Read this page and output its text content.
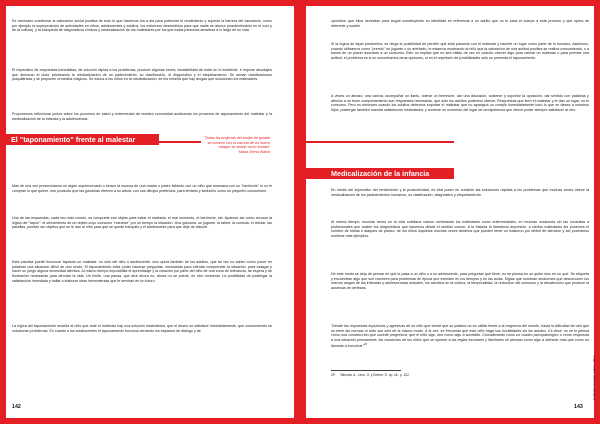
Es necesario cuestionar la valoración social positiva de todo lo que hacemos día a día para potenciar el rendimiento y superar la barrera del cansancio, como por ejemplo la superposición de actividades en niños, adolescentes y adultos, los esfuerzos desmedidos para que nadie se aburra (manteniéndolo en el ocio y de la cultura), y la búsqueda de diagnósticos clínicos y medicalización de los malestares por los que todas personas atraviesa a lo largo de su vida.

El imperativo de respuestas inmediatas, de solución rápida a los problemas, produce algunas veces, inestabilidad de estar en el ambiente, e impone abordajes que demoran el dolor priorizando la medicalización de un padecimiento, su clasificación, el diagnóstico y el etiquetamiento. Se arman clasificaciones psiquiátricas y se proponen remedios mágicos. Se educa a los niños en la medicalización, se les enseña que hay drogas que solucionan los malestares.

Proponemos reflexionar juntos sobre los procesos de salud y enfermedad de nuestra comunidad analizando los procesos de taponamiento del malestar y la medicalización de la infancia y la adolescencia.

El "taponamiento" frente al malestar	"Todas las brujerías del brujito de guiddo se curaron con la vacuna de un nuevo milagro se acabo como tocaba"
María Elena Walsh

Más de una vez presenciamos en algún supermercado o kiosco la escena de una madre o padre lidiando con un niño que amenaza con un "berrinche" si no le compran lo que quiere, ese producto que las góndolas ofrecen a su altura, con sus dibujos preferidos, para tentarlo y seducirlo como un pequeño consumidor.

Una de las respuestas, cada vez más común, es comprarle ese objeto para evitar el malestar, el mal momento, el berrinche, etc. Aparece así como recurso la lógica del "tapón": el ofrecimiento de un objeto cuyo consumo "resuelve" por un tiempo la situación. Una golosina, un juguete, la tablet, la consola, el celular, las pastillas, pueden ser objetos que se le dan al niño para que se quede tranquilo y el adolescente para que deje de discutir.

Esta práctica puede funcionar tapando un malestar, no sólo del niño o adolescente, sino quizá también de los adultos, que tal vez no saben cómo poner en palabras una situación difícil de otro modo. El taponamiento evita poder hacerse preguntas, necesarias para intentar comprender la situación, para indagar y hacer un juego alguna necesidad afectiva. Al mismo tiempo imposibilita el aprendizaje y la creación por parte del niño de una zona de tolerancia, de espera y de frustración necesarias para afrontar la vida. Un límite, una pausa, que dice ahora no, ahora no se puede, en otro momento. La posibilidad de postergar la satisfacción inmediata y hallar o elaborar otras herramientas que le servirán en un futuro.

La lógica del taponamiento enseña al niño que ante el malestar hay una solución instantánea, que el deseo se satisface inmediatamente, que consumiendo se solucionan problemas. En cuanto a los adolescentes el taponamiento funciona cerrando los espacios de diálogo y de

142

oposición que ellos necesitan para seguir construyendo su identidad en referencia a un adulto que no le saca el cuerpo a este proceso y que opera de referente y sostén.

Si la lógica de tapar predomina, se niega la posibilidad de percibir qué está pasando con el malestar y hacerle un lugar como parte de lo humano. Asimismo, cuando utilizamos como "premio" un juguete o un artefacto, le estamos mostrando al niño que la valoración de una actitud positiva se realiza consumiendo, o a través de un placer asociado a un consumo. Esto no implica que no sea válido de vez en cuando ofrecer algo para calmar un malestar o para premiar una actitud, el problema es si no encontramos otras opciones, si en el repertorio de posibilidades sólo se presenta el taponamiento.

A veces un abrazo, una caricia, acompañar un llanto, tolerar un berrinche, dar una discusión, sostener y soportar la oposición, dar sentido con palabras y afectos a un buen comportamiento son respuestas necesarias, que sólo los adultos podemos ofrecer. Respuestas que leen el malestar y le dan un lugar, no el consumo. Pero es entonces cuando los adultos debemos soportar el malestar que no apacigua un cumplir inmediatamente todo lo que se desea a nuestros hijos, postergar también nuestra satisfacción instantánea, y correrse un momento del lugar de omnipotencia que ofrece poder siempre satisfacer al otro.

Medicalización de la infancia

En medio del imperativo del rendimiento y la productividad, es vital poner en cuestión las soluciones rápidas a los problemas que muchas veces ofrece la medicalización de los padecimientos humanos, su clasificación, diagnóstico y etiquetamiento.

Al mismo tiempo, muchas veces en la vida cotidiana vamos nombrando los malestares como enfermedades, en muchas ocasiones sin las consultas a profesionales que avalen los diagnósticos que hacemos desde el sentido común. A la tristeza la llamamos depresión, a ciertos malestares les ponemos el nombre de fobias o ataques de pánico, de los niños inquietos muchas veces decimos que pueden tener un trastorno por déficit de atención y así podríamos nombrar más ejemplos.

De este modo se deja de pensar en qué le pasa a un niño o a un adolescente, para preguntar qué tiene; no se piensa en un quién sino en un qué. Se etiqueta y encuentran algo que son nombres para problemas de época que exceden en los tiempos y en las aulas. Siglas que nombran síndromes que desconocen los nuevos rasgos de las infancias y adolescencias actuales, los cambios en la cultura, la temporalidad, la reducción del consumo y la desatención que produce la ausencia de certezas.

"Desde las respuestas impulsivas y agresivas de un niño que siente que su palabra no es válida frente a la exigencia del mundo, hasta la dificultad de otro que no tiene las normas ni todo son sólo de la mismo modo. A la vez, se frecuenta que este niño haga sus hostilidades sin los adultos. Es decir, no se le piensa como una construcción que sucede progresiva, que el niño sigo, otro como algo a sucedido. Considerando como un cuadro psicopatológico o como respuesta a una situación permanente, las conductas de los niños que se oponen a las reglas escolares y familiares se piensan como algo a silenciar más que como un llamado a escuchar"$^{29}$

29 Taborda, A., Leoz, G. y Dreher, G. op. cit., p. 102.
143
Cuidados en juego, salud y niñez
